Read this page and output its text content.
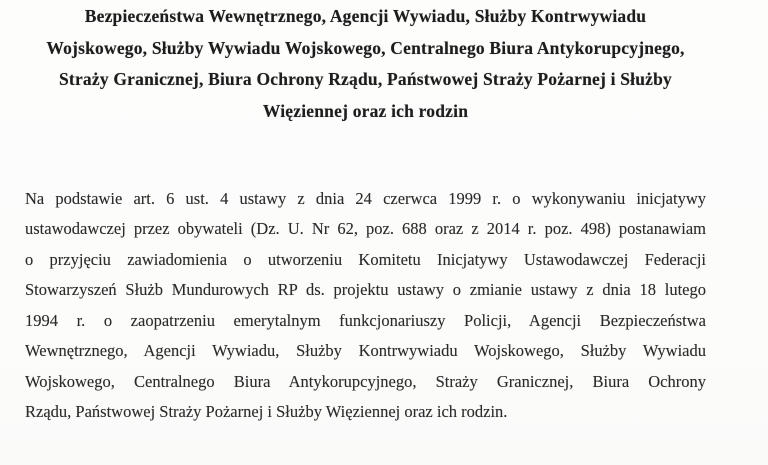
Bezpieczeństwa Wewnętrznego, Agencji Wywiadu, Służby Kontrwywiadu
Wojskowego, Służby Wywiadu Wojskowego, Centralnego Biura Antykorupcyjnego,
Straży Granicznej, Biura Ochrony Rządu, Państwowej Straży Pożarnej i Służby
Więziennej oraz ich rodzin
Na podstawie art. 6 ust. 4 ustawy z dnia 24 czerwca 1999 r. o wykonywaniu inicjatywy
ustawodawczej przez obywateli (Dz. U. Nr 62, poz. 688 oraz z 2014 r. poz. 498) postanawiam
o przyjęciu zawiadomienia o utworzeniu Komitetu Inicjatywy Ustawodawczej Federacji
Stowarzyszeń Służb Mundurowych RP ds. projektu ustawy o zmianie ustawy z dnia 18 lutego
1994 r. o zaopatrzeniu emerytalnym funkcjonariuszy Policji, Agencji Bezpieczeństwa
Wewnętrznego, Agencji Wywiadu, Służby Kontrwywiadu Wojskowego, Służby Wywiadu
Wojskowego, Centralnego Biura Antykorupcyjnego, Straży Granicznej, Biura Ochrony
Rządu, Państwowej Straży Pożarnej i Służby Więziennej oraz ich rodzin.
